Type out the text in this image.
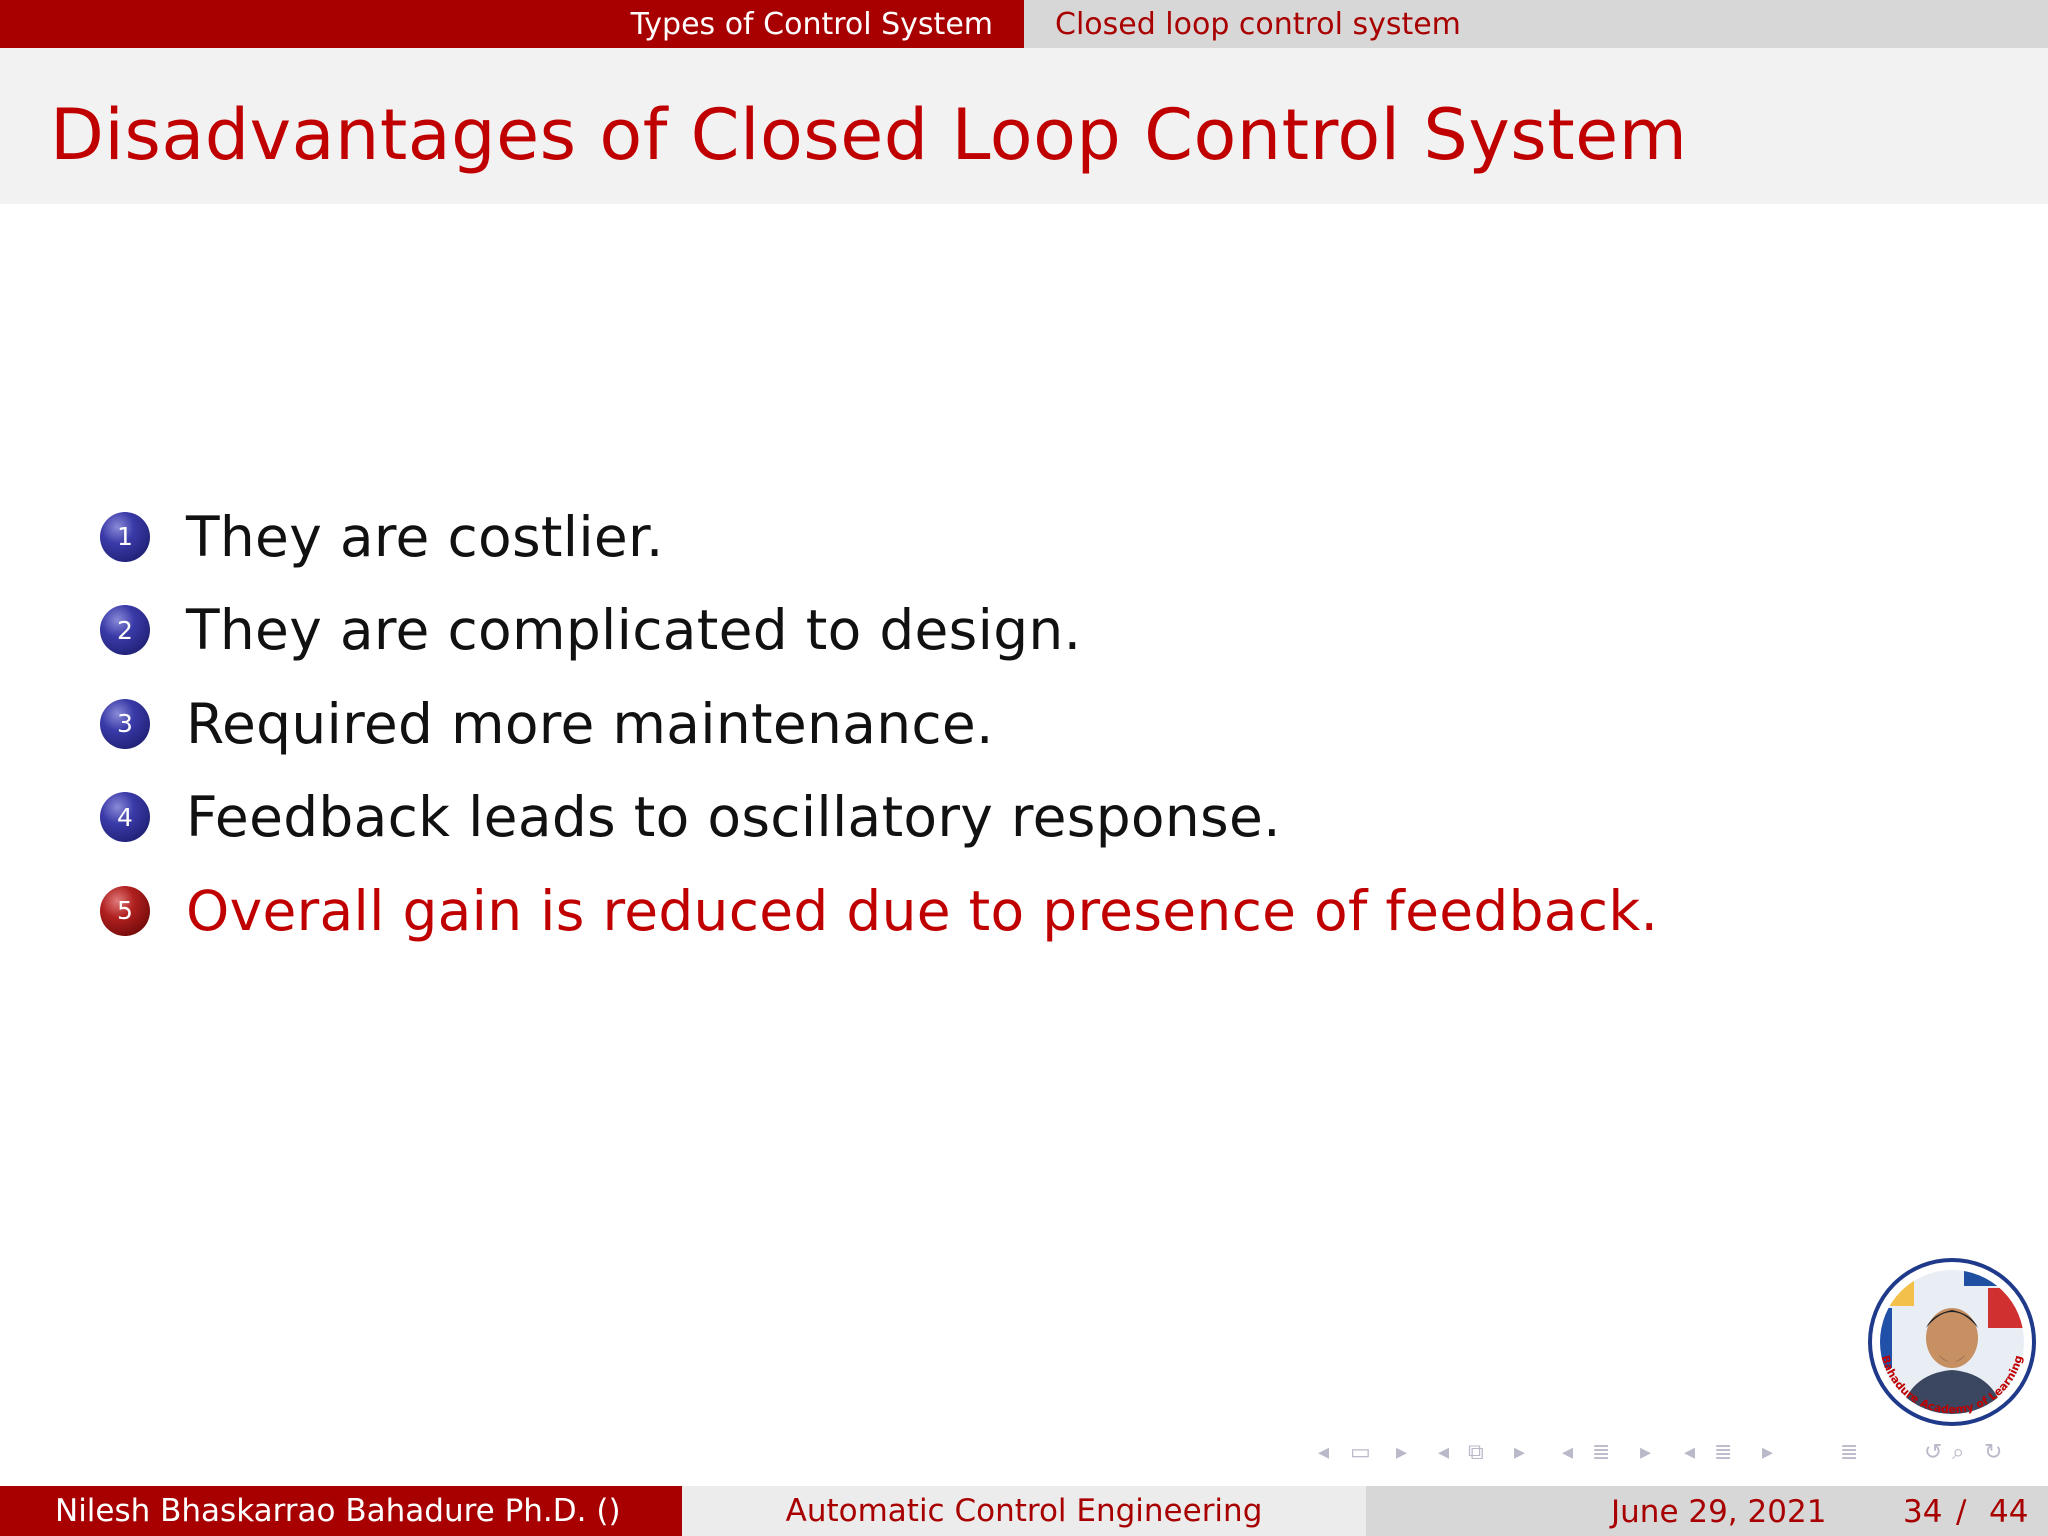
Types of Control System Closed loop control system
Disadvantages of Closed Loop Control System
1 They are costlier.
2 They are complicated to design.
3 Required more maintenance.
4 Feedback leads to oscillatory response.
5 Overall gain is reduced due to presence of feedback.
Bahadure Academy of Learning
◂ ▭ ▸ ◂ ⧉ ▸ ◂ ≣ ▸ ◂ ≣ ▸	≣	↺ ⌕ ↻
Nilesh Bhaskarrao Bahadure Ph.D. ()	Automatic Control Engineering	June 29, 2021 34 / 44
